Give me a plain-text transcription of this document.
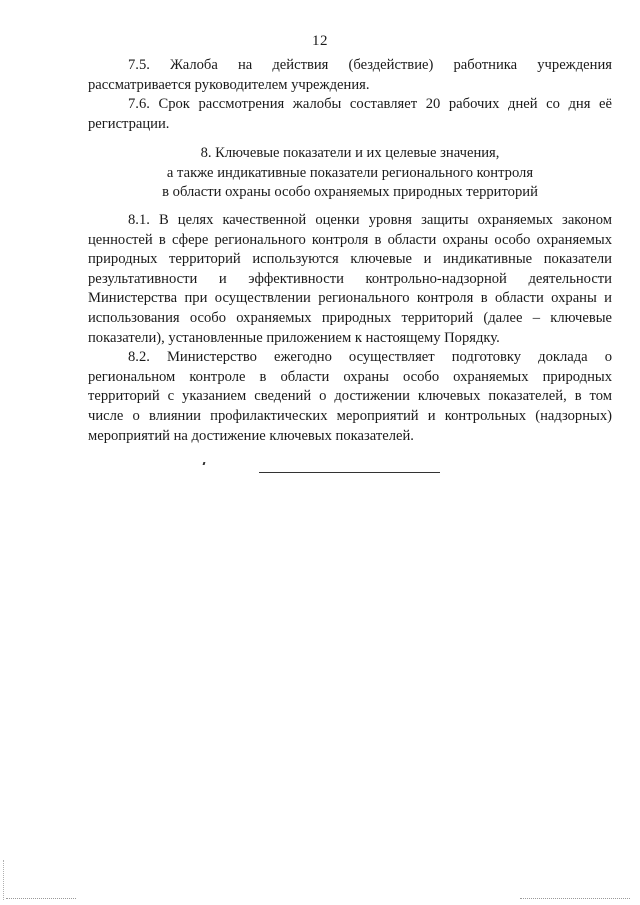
12

7.5. Жалоба на действия (бездействие) работника учреждения рассматривается руководителем учреждения.

7.6. Срок рассмотрения жалобы составляет 20 рабочих дней со дня её регистрации.

8. Ключевые показатели и их целевые значения,
а также индикативные показатели регионального контроля
в области охраны особо охраняемых природных территорий

8.1. В целях качественной оценки уровня защиты охраняемых законом ценностей в сфере регионального контроля в области охраны особо охраняемых природных территорий используются ключевые и индикативные показатели результативности и эффективности контрольно-надзорной деятельности Министерства при осуществлении регионального контроля в области охраны и использования особо охраняемых природных территорий (далее – ключевые показатели), установленные приложением к настоящему Порядку.

8.2. Министерство ежегодно осуществляет подготовку доклада о региональном контроле в области охраны особо охраняемых природных территорий с указанием сведений о достижении ключевых показателей, в том числе о влиянии профилактических мероприятий и контрольных (надзорных) мероприятий на достижение ключевых показателей.
